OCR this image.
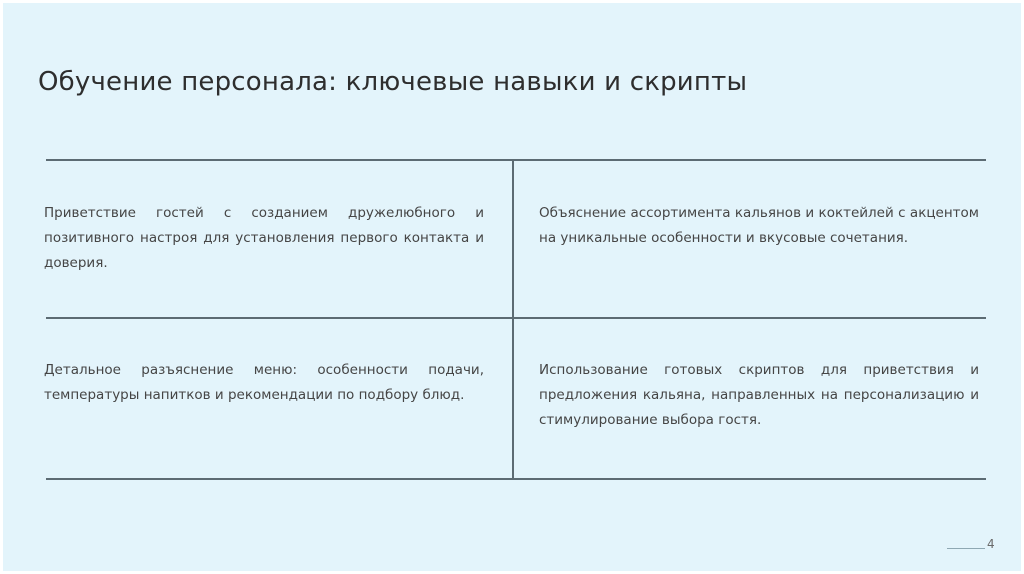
Обучение персонала: ключевые навыки и скрипты
Приветствие гостей с созданием дружелюбного и позитивного настроя для установления первого контакта и доверия.
Объяснение ассортимента кальянов и коктейлей с акцентом на уникальные особенности и вкусовые сочетания.
Детальное разъяснение меню: особенности подачи, температуры напитков и рекомендации по подбору блюд.
Использование готовых скриптов для приветствия и предложения кальяна, направленных на персонализацию и стимулирование выбора гостя.
4
